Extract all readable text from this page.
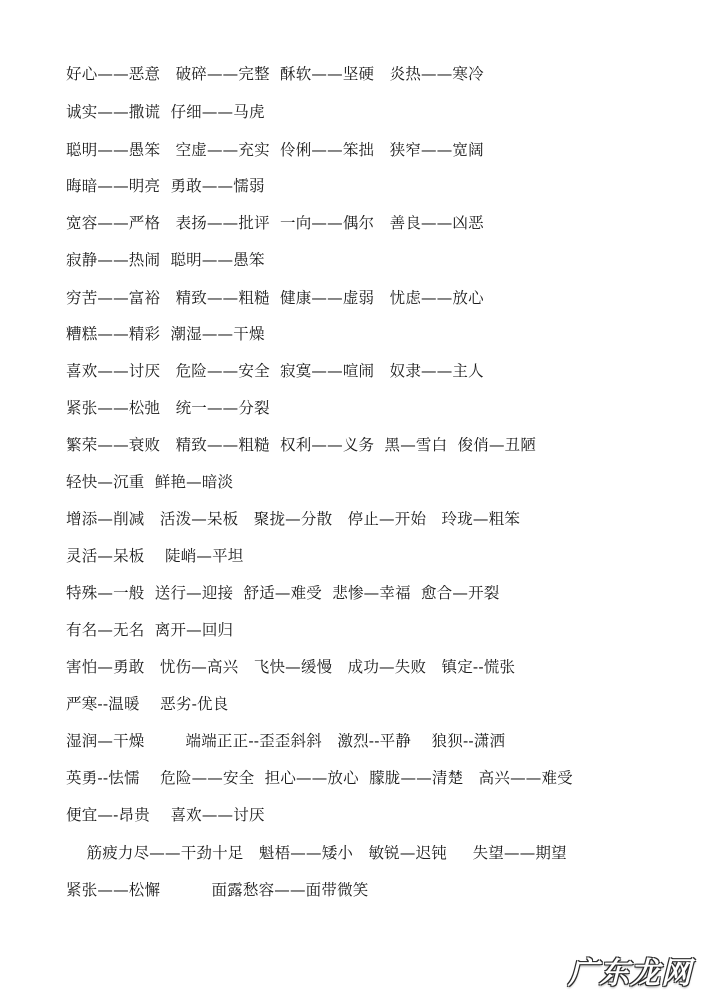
好心——恶意   破碎——完整  酥软——坚硬   炎热——寒冷
诚实——撒谎  仔细——马虎
聪明——愚笨   空虚——充实  伶俐——笨拙   狭窄——宽阔
晦暗——明亮  勇敢——懦弱
宽容——严格   表扬——批评  一向——偶尔   善良——凶恶
寂静——热闹  聪明——愚笨
穷苦——富裕   精致——粗糙  健康——虚弱   忧虑——放心
糟糕——精彩  潮湿——干燥
喜欢——讨厌   危险——安全  寂寞——喧闹   奴隶——主人
紧张——松弛   统一——分裂
繁荣——衰败   精致——粗糙  权利——义务  黑—雪白  俊俏—丑陋
轻快—沉重  鲜艳—暗淡
增添—削减   活泼—呆板   聚拢—分散   停止—开始   玲珑—粗笨
灵活—呆板    陡峭—平坦
特殊—一般  送行—迎接  舒适—难受  悲惨—幸福  愈合—开裂
有名—无名  离开—回归
害怕—勇敢   忧伤—高兴   飞快—缓慢   成功—失败   镇定--慌张
严寒--温暖    恶劣-优良
湿润—干燥        端端正正--歪歪斜斜   激烈--平静    狼狈--潇洒
英勇--怯懦    危险——安全  担心——放心  朦胧——清楚   高兴——难受
便宜—-昂贵    喜欢——讨厌
筋疲力尽——干劲十足   魁梧——矮小   敏锐—迟钝     失望——期望
紧张——松懈          面露愁容——面带微笑
广东龙网
